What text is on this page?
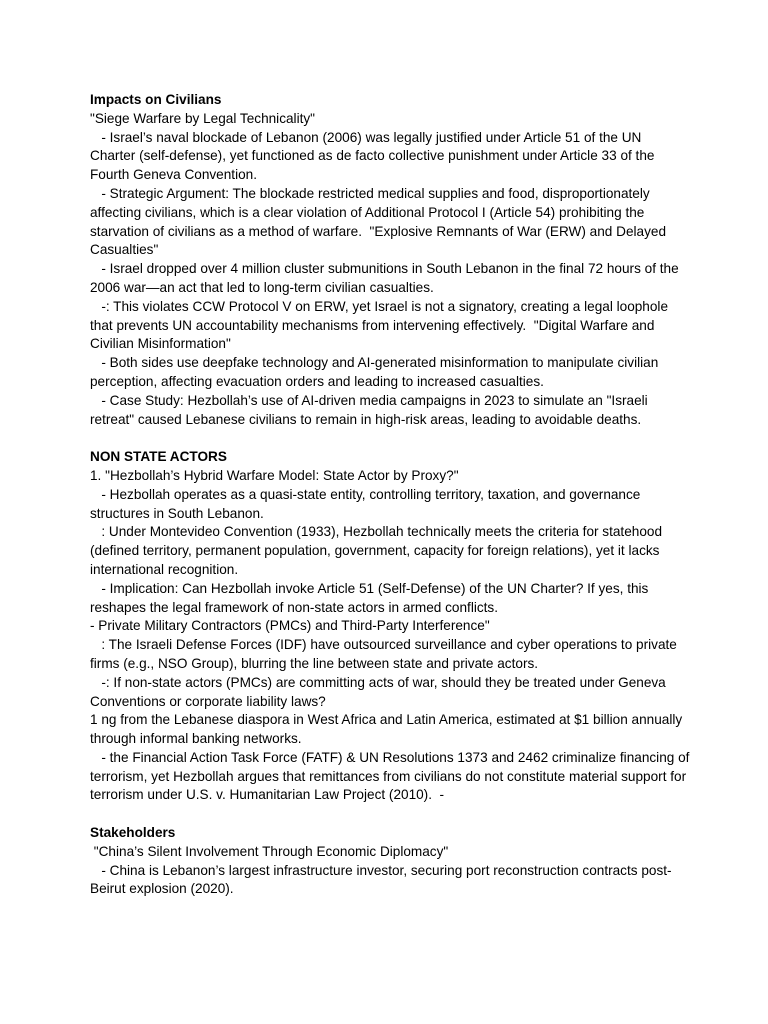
Impacts on Civilians
"Siege Warfare by Legal Technicality"
- Israel’s naval blockade of Lebanon (2006) was legally justified under Article 51 of the UN Charter (self-defense), yet functioned as de facto collective punishment under Article 33 of the Fourth Geneva Convention.
- Strategic Argument: The blockade restricted medical supplies and food, disproportionately affecting civilians, which is a clear violation of Additional Protocol I (Article 54) prohibiting the starvation of civilians as a method of warfare.  "Explosive Remnants of War (ERW) and Delayed Casualties"
- Israel dropped over 4 million cluster submunitions in South Lebanon in the final 72 hours of the 2006 war—an act that led to long-term civilian casualties.
-: This violates CCW Protocol V on ERW, yet Israel is not a signatory, creating a legal loophole that prevents UN accountability mechanisms from intervening effectively.  "Digital Warfare and Civilian Misinformation"
- Both sides use deepfake technology and AI-generated misinformation to manipulate civilian perception, affecting evacuation orders and leading to increased casualties.
- Case Study: Hezbollah’s use of AI-driven media campaigns in 2023 to simulate an "Israeli retreat" caused Lebanese civilians to remain in high-risk areas, leading to avoidable deaths.
NON STATE ACTORS
1. "Hezbollah’s Hybrid Warfare Model: State Actor by Proxy?"
- Hezbollah operates as a quasi-state entity, controlling territory, taxation, and governance structures in South Lebanon.
: Under Montevideo Convention (1933), Hezbollah technically meets the criteria for statehood (defined territory, permanent population, government, capacity for foreign relations), yet it lacks international recognition.
- Implication: Can Hezbollah invoke Article 51 (Self-Defense) of the UN Charter? If yes, this reshapes the legal framework of non-state actors in armed conflicts.
- Private Military Contractors (PMCs) and Third-Party Interference"
: The Israeli Defense Forces (IDF) have outsourced surveillance and cyber operations to private firms (e.g., NSO Group), blurring the line between state and private actors.
-: If non-state actors (PMCs) are committing acts of war, should they be treated under Geneva Conventions or corporate liability laws?
1 ng from the Lebanese diaspora in West Africa and Latin America, estimated at $1 billion annually through informal banking networks.
- the Financial Action Task Force (FATF) & UN Resolutions 1373 and 2462 criminalize financing of terrorism, yet Hezbollah argues that remittances from civilians do not constitute material support for terrorism under U.S. v. Humanitarian Law Project (2010).  -
Stakeholders
"China’s Silent Involvement Through Economic Diplomacy"
- China is Lebanon’s largest infrastructure investor, securing port reconstruction contracts post-Beirut explosion (2020).
